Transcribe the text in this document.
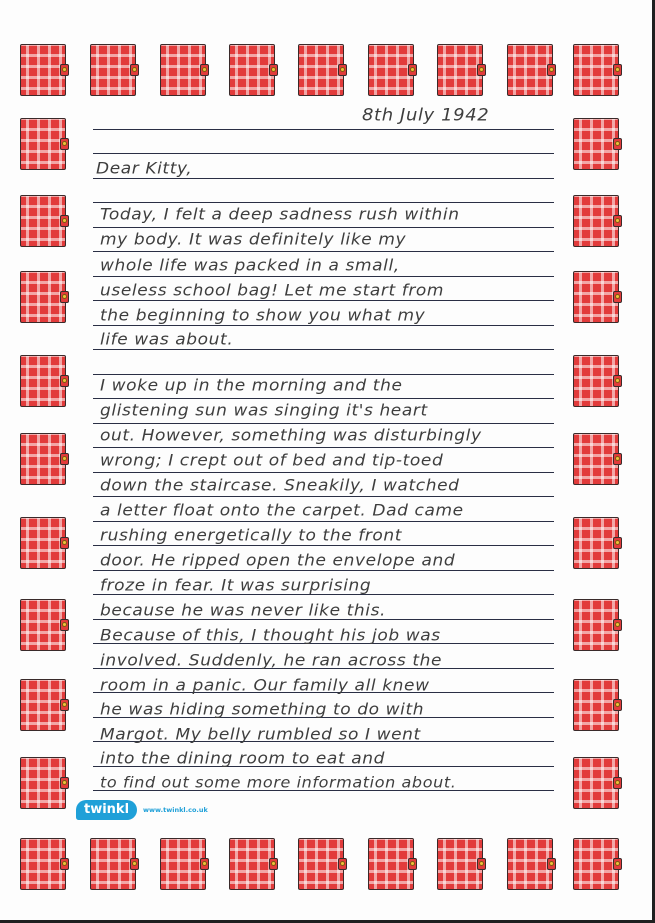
8th July 1942
Dear Kitty,
Today, I felt a deep sadness rush within
my body. It was definitely like my
whole life was packed in a small,
useless school bag! Let me start from
the beginning to show you what my
life was about.
I woke up in the morning and the
glistening sun was singing it's heart
out. However, something was disturbingly
wrong; I crept out of bed and tip-toed
down the staircase. Sneakily, I watched
a letter float onto the carpet. Dad came
rushing energetically to the front
door. He ripped open the envelope and
froze in fear. It was surprising
because he was never like this.
Because of this, I thought his job was
involved. Suddenly, he ran across the
room in a panic. Our family all knew
he was hiding something to do with
Margot. My belly rumbled so I went
into the dining room to eat and
to find out some more information about.
twinkl	www.twinkl.co.uk
